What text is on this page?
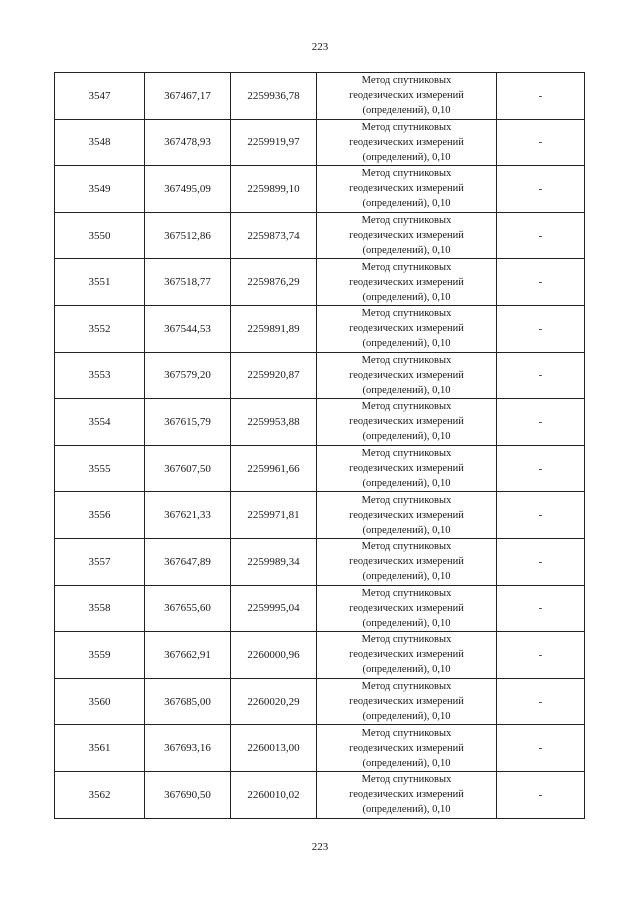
223
3547	367467,17	2259936,78	Метод спутниковых
геодезических измерений
(определений), 0,10	-
3548	367478,93	2259919,97	Метод спутниковых
геодезических измерений
(определений), 0,10	-
3549	367495,09	2259899,10	Метод спутниковых
геодезических измерений
(определений), 0,10	-
3550	367512,86	2259873,74	Метод спутниковых
геодезических измерений
(определений), 0,10	-
3551	367518,77	2259876,29	Метод спутниковых
геодезических измерений
(определений), 0,10	-
3552	367544,53	2259891,89	Метод спутниковых
геодезических измерений
(определений), 0,10	-
3553	367579,20	2259920,87	Метод спутниковых
геодезических измерений
(определений), 0,10	-
3554	367615,79	2259953,88	Метод спутниковых
геодезических измерений
(определений), 0,10	-
3555	367607,50	2259961,66	Метод спутниковых
геодезических измерений
(определений), 0,10	-
3556	367621,33	2259971,81	Метод спутниковых
геодезических измерений
(определений), 0,10	-
3557	367647,89	2259989,34	Метод спутниковых
геодезических измерений
(определений), 0,10	-
3558	367655,60	2259995,04	Метод спутниковых
геодезических измерений
(определений), 0,10	-
3559	367662,91	2260000,96	Метод спутниковых
геодезических измерений
(определений), 0,10	-
3560	367685,00	2260020,29	Метод спутниковых
геодезических измерений
(определений), 0,10	-
3561	367693,16	2260013,00	Метод спутниковых
геодезических измерений
(определений), 0,10	-
3562	367690,50	2260010,02	Метод спутниковых
геодезических измерений
(определений), 0,10	-
223
